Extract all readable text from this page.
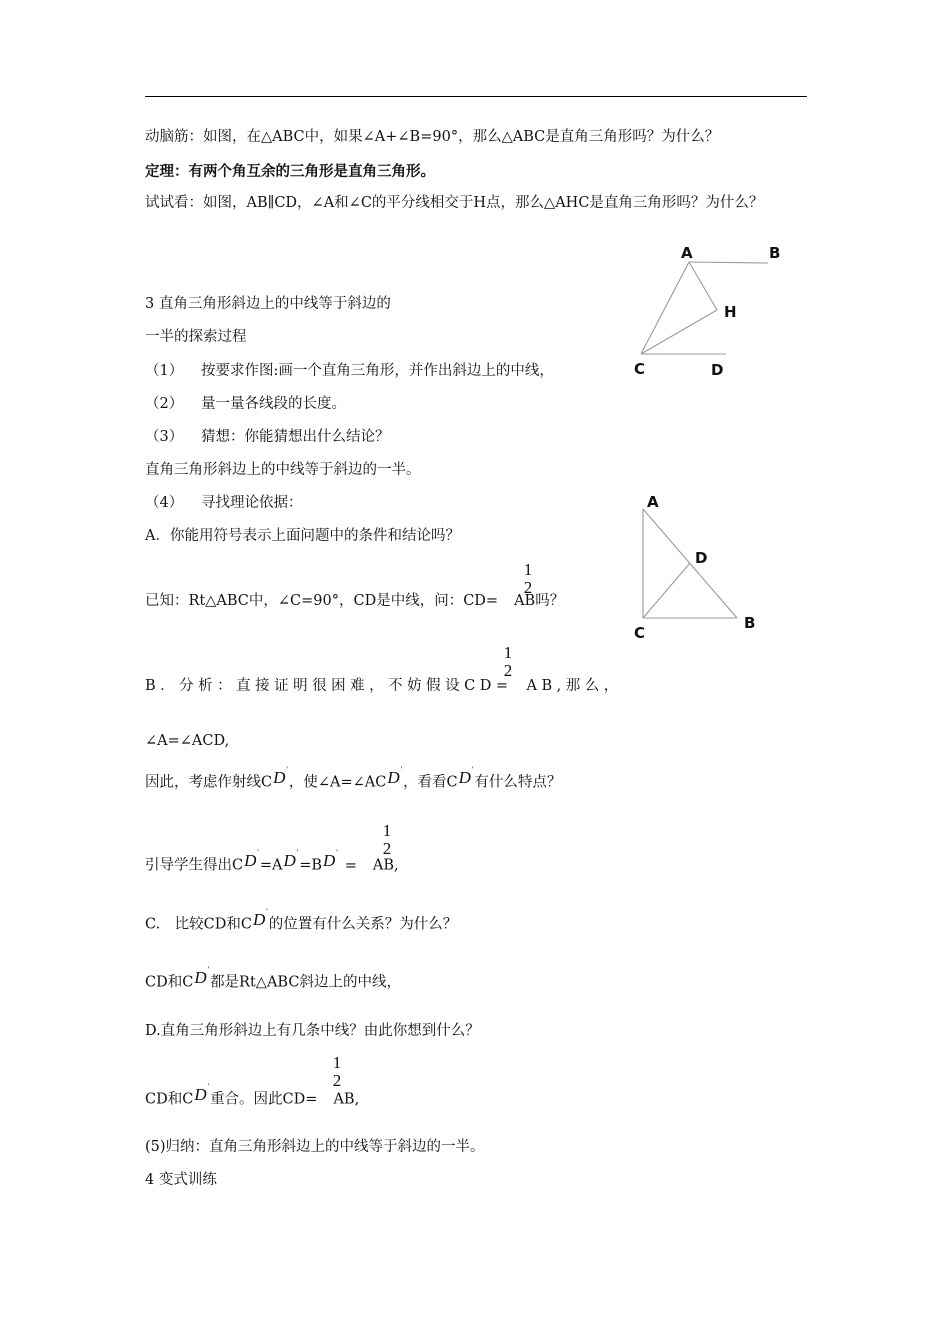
动脑筋：如图，在△ABC中，如果∠A+∠B=90°，那么△ABC是直角三角形吗？为什么？
定理：有两个角互余的三角形是直角三角形。
试试看：如图，AB∥CD，∠A和∠C的平分线相交于H点，那么△AHC是直角三角形吗？为什么？
3 直角三角形斜边上的中线等于斜边的
一半的探索过程
（1） 按要求作图:画一个直角三角形，并作出斜边上的中线，
（2） 量一量各线段的长度。
（3） 猜想：你能猜想出什么结论？
直角三角形斜边上的中线等于斜边的一半。
（4） 寻找理论依据：
A．你能用符号表示上面问题中的条件和结论吗？
已知：Rt△ABC中，∠C=90°，CD是中线，问：CD= AB吗？
1
2
B．分析：直接证明很困难，不妨假设CD= AB,那么，
1
2
∠A=∠ACD,
因此，考虑作射线CD'，使∠A=∠ACD'，看看CD'有什么特点？
引导学生得出CD'=AD'=BD'= AB,
1
2
C.　比较CD和CD'的位置有什么关系？为什么？
CD和CD'都是Rt△ABC斜边上的中线，
D.直角三角形斜边上有几条中线？由此你想到什么？
CD和CD'重合。因此CD= AB,
1
2
(5)归纳：直角三角形斜边上的中线等于斜边的一半。
4 变式训练
A	B
H
C	D
A
D
C
B
